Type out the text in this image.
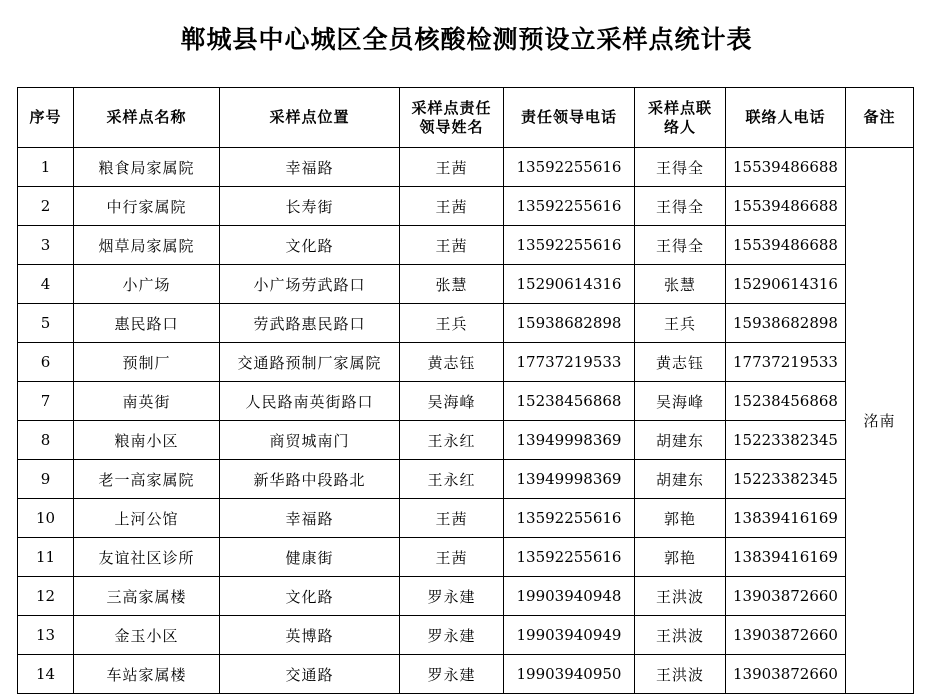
郸城县中心城区全员核酸检测预设立采样点统计表
序号	采样点名称	采样点位置	采样点责任领导姓名	责任领导电话	采样点联络人	联络人电话	备注
1	粮食局家属院	幸福路	王茜	13592255616	王得全	15539486688	洺南
2	中行家属院	长寿街	王茜	13592255616	王得全	15539486688	
3	烟草局家属院	文化路	王茜	13592255616	王得全	15539486688	
4	小广场	小广场劳武路口	张慧	15290614316	张慧	15290614316	
5	惠民路口	劳武路惠民路口	王兵	15938682898	王兵	15938682898	
6	预制厂	交通路预制厂家属院	黄志钰	17737219533	黄志钰	17737219533	
7	南英街	人民路南英街路口	吴海峰	15238456868	吴海峰	15238456868	
8	粮南小区	商贸城南门	王永红	13949998369	胡建东	15223382345	
9	老一高家属院	新华路中段路北	王永红	13949998369	胡建东	15223382345	
10	上河公馆	幸福路	王茜	13592255616	郭艳	13839416169	
11	友谊社区诊所	健康街	王茜	13592255616	郭艳	13839416169	
12	三高家属楼	文化路	罗永建	19903940948	王洪波	13903872660	
13	金玉小区	英博路	罗永建	19903940949	王洪波	13903872660	
14	车站家属楼	交通路	罗永建	19903940950	王洪波	13903872660	
